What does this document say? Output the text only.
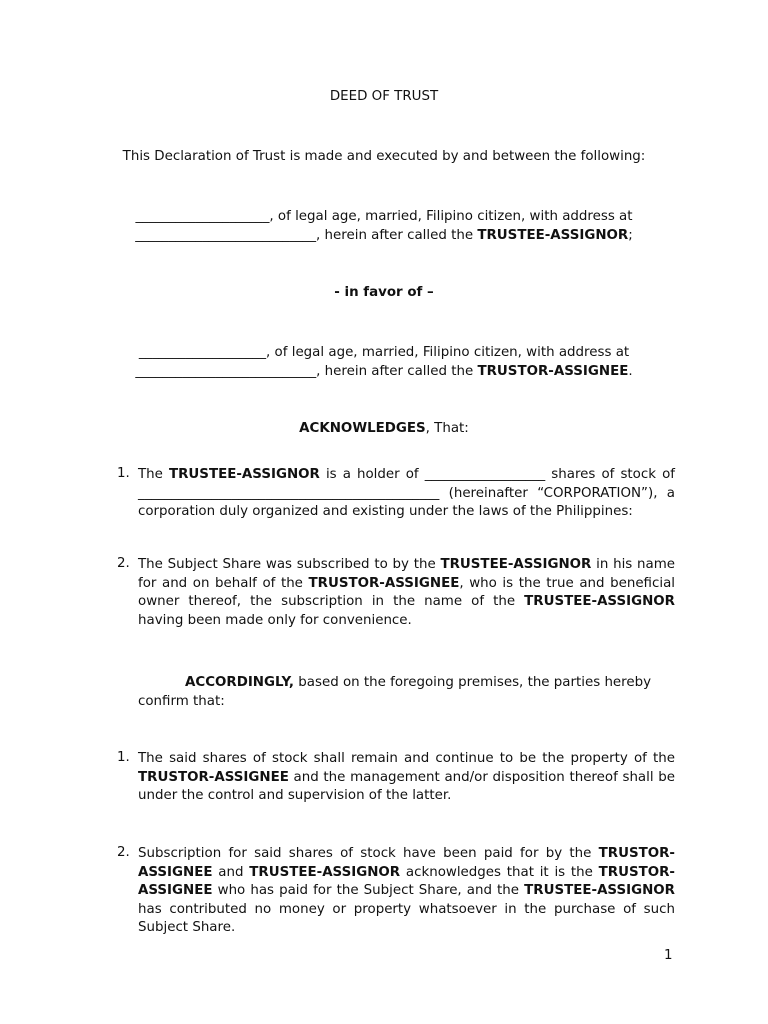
DEED OF TRUST
This Declaration of Trust is made and executed by and between the following:
____________________, of legal age, married, Filipino citizen, with address at
___________________________, herein after called the TRUSTEE-ASSIGNOR;
- in favor of –
___________________, of legal age, married, Filipino citizen, with address at
___________________________, herein after called the TRUSTOR-ASSIGNEE.
ACKNOWLEDGES, That:
1. The TRUSTEE-ASSIGNOR is a holder of __________________ shares of stock of _____________________________________________ (hereinafter “CORPORATION”), a corporation duly organized and existing under the laws of the Philippines:
2. The Subject Share was subscribed to by the TRUSTEE-ASSIGNOR in his name for and on behalf of the TRUSTOR-ASSIGNEE, who is the true and beneficial owner thereof, the subscription in the name of the TRUSTEE-ASSIGNOR having been made only for convenience.
ACCORDINGLY, based on the foregoing premises, the parties hereby confirm that:
1. The said shares of stock shall remain and continue to be the property of the TRUSTOR-ASSIGNEE and the management and/or disposition thereof shall be under the control and supervision of the latter.
2. Subscription for said shares of stock have been paid for by the TRUSTOR-ASSIGNEE and TRUSTEE-ASSIGNOR acknowledges that it is the TRUSTOR-ASSIGNEE who has paid for the Subject Share, and the TRUSTEE-ASSIGNOR has contributed no money or property whatsoever in the purchase of such Subject Share.
1
